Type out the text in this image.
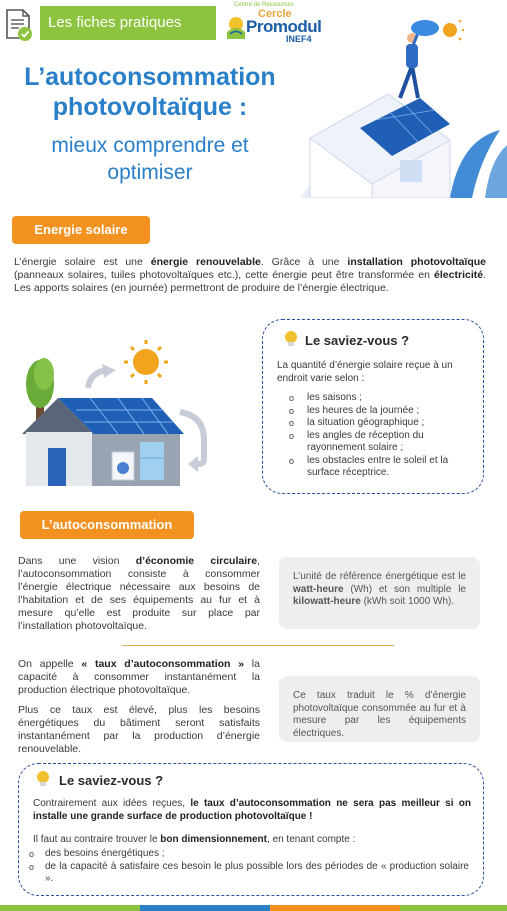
Les fiches pratiques
Centre de Ressources
Cercle
Promodul
INEF4
L’autoconsommation
photovoltaïque :
mieux comprendre et
optimiser
Energie solaire

L’énergie solaire est une énergie renouvelable. Grâce à une installation photovoltaïque (panneaux solaires, tuiles photovoltaïques etc.), cette énergie peut être transformée en électricité. Les apports solaires (en journée) permettront de produire de l’énergie électrique.

Le saviez-vous ?
La quantité d’énergie solaire reçue à un endroit varie selon :
o les saisons ;
o les heures de la journée ;
o la situation géographique ;
o les angles de réception du rayonnement solaire ;
o les obstacles entre le soleil et la surface réceptrice.
L’autoconsommation

Dans une vision d’économie circulaire, l’autoconsommation consiste à consommer l’énergie électrique nécessaire aux besoins de l’habitation et de ses équipements au fur et à mesure qu’elle est produite sur place par l’installation photovoltaïque.

L’unité de référence énergétique est le watt-heure (Wh) et son multiple le kilowatt-heure (kWh soit 1000 Wh).

On appelle « taux d’autoconsommation » la capacité à consommer instantanément la production électrique photovoltaïque.

Plus ce taux est élevé, plus les besoins énergétiques du bâtiment seront satisfaits instantanément par la production d’énergie renouvelable.

Ce taux traduit le % d’énergie photovoltaïque consommée au fur et à mesure par les équipements électriques.
Le saviez-vous ?

Contrairement aux idées reçues, le taux d’autoconsommation ne sera pas meilleur si on installe une grande surface de production photovoltaïque !

Il faut au contraire trouver le bon dimensionnement, en tenant compte :

o des besoins énergétiques ;
o de la capacité à satisfaire ces besoin le plus possible lors des périodes de « production solaire ».
